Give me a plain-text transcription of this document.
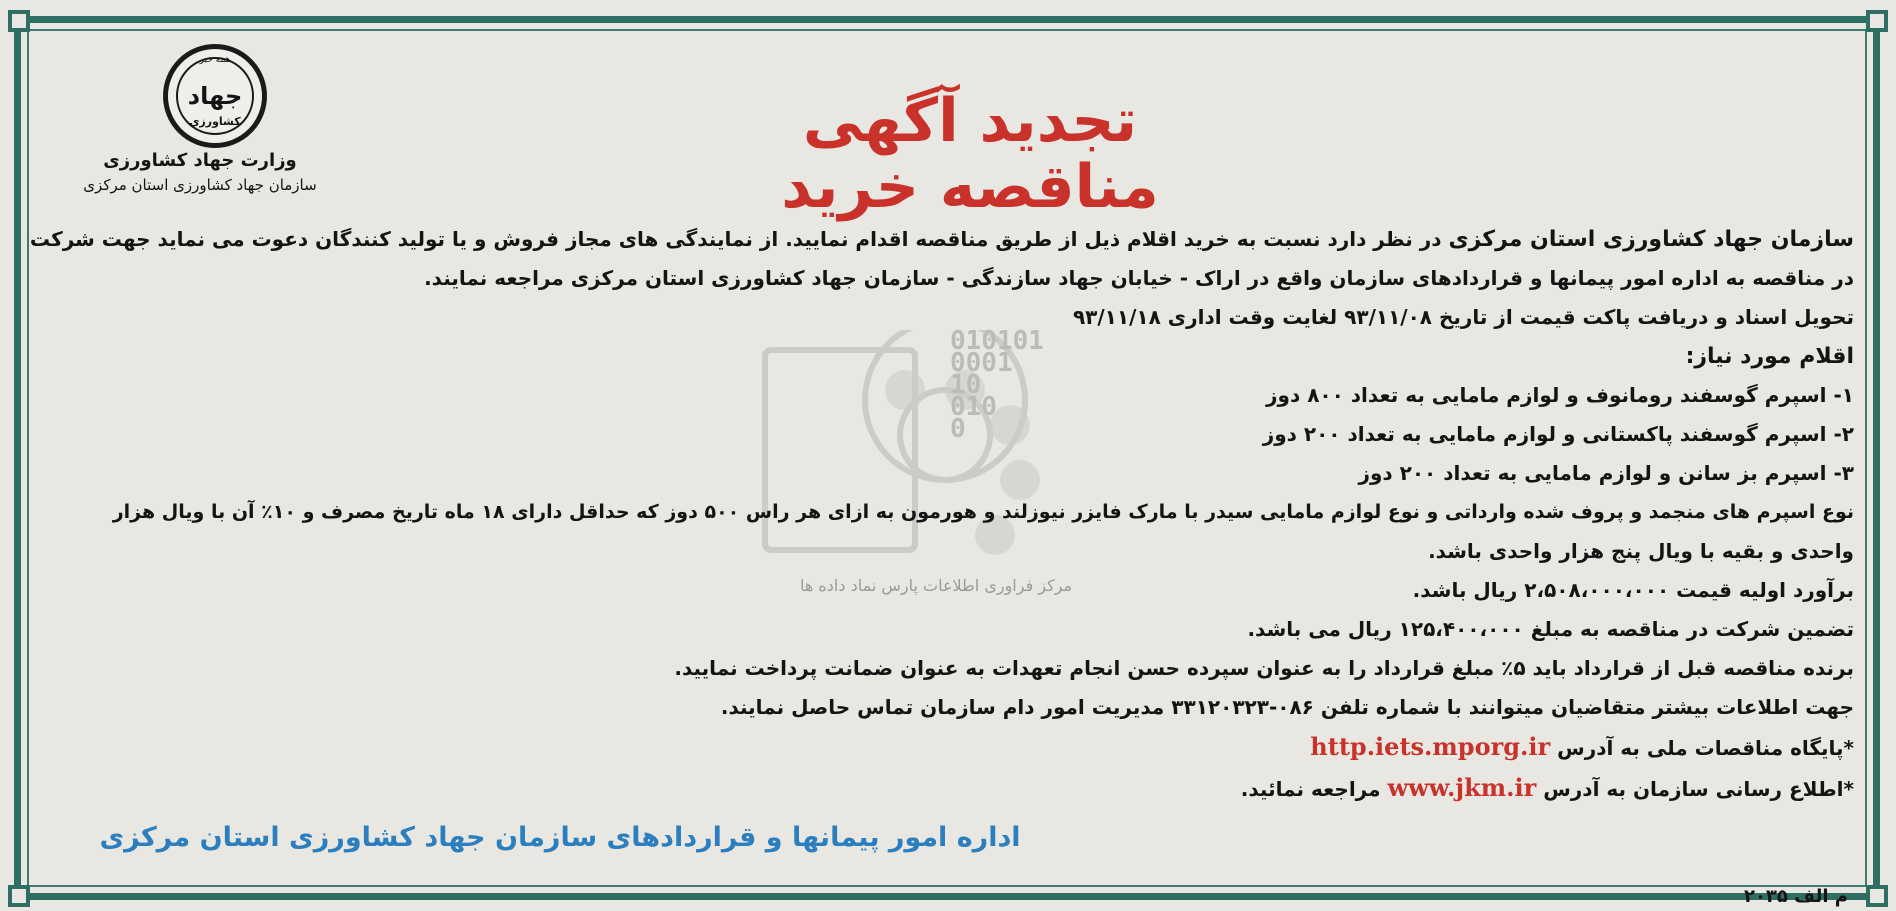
010101
0001
10
010
0
مرکز فراوری اطلاعات پارس نماد داده ها
جهاد
کشاورزی
همه خبر
وزارت جهاد کشاورزی
سازمان جهاد کشاورزی استان مرکزی
تجدید آگهی مناقصه خرید

سازمان جهاد کشاورزی استان مرکزی در نظر دارد نسبت به خرید اقلام ذیل از طریق مناقصه اقدام نمایید. از نمایندگی های مجاز فروش و یا تولید کنندگان دعوت می نماید جهت شرکت

در مناقصه به اداره امور پیمانها و قراردادهای سازمان واقع در اراک - خیابان جهاد سازندگی - سازمان جهاد کشاورزی استان مرکزی مراجعه نمایند.

تحویل اسناد و دریافت پاکت قیمت از تاریخ ۹۳/۱۱/۰۸ لغایت وقت اداری ۹۳/۱۱/۱۸

اقلام مورد نیاز:

۱- اسپرم گوسفند رومانوف و لوازم مامایی به تعداد ۸۰۰ دوز

۲- اسپرم گوسفند پاکستانی و لوازم مامایی به تعداد ۲۰۰ دوز

۳- اسپرم بز سانن و لوازم مامایی به تعداد ۲۰۰ دوز

نوع اسپرم های منجمد و پروف شده وارداتی و نوع لوازم مامایی سیدر با مارک فایزر نیوزلند و هورمون به ازای هر راس ۵۰۰ دوز که حداقل دارای ۱۸ ماه تاریخ مصرف و ۱۰٪ آن با ویال هزار

واحدی و بقیه با ویال پنج هزار واحدی باشد.

برآورد اولیه قیمت ۲،۵۰۸،۰۰۰،۰۰۰ ریال باشد.

تضمین شرکت در مناقصه به مبلغ ۱۲۵،۴۰۰،۰۰۰ ریال می باشد.

برنده مناقصه قبل از قرارداد باید ۵٪ مبلغ قرارداد را به عنوان سپرده حسن انجام تعهدات به عنوان ضمانت پرداخت نمایید.

جهت اطلاعات بیشتر متقاضیان میتوانند با شماره تلفن ۰۸۶-۳۳۱۲۰۳۲۳ مدیریت امور دام سازمان تماس حاصل نمایند.

*پایگاه مناقصات ملی به آدرس http.iets.mporg.ir

*اطلاع رسانی سازمان به آدرس www.jkm.ir مراجعه نمائید.

اداره امور پیمانها و قراردادهای سازمان جهاد کشاورزی استان مرکزی
م الف ۲۰۳۵
